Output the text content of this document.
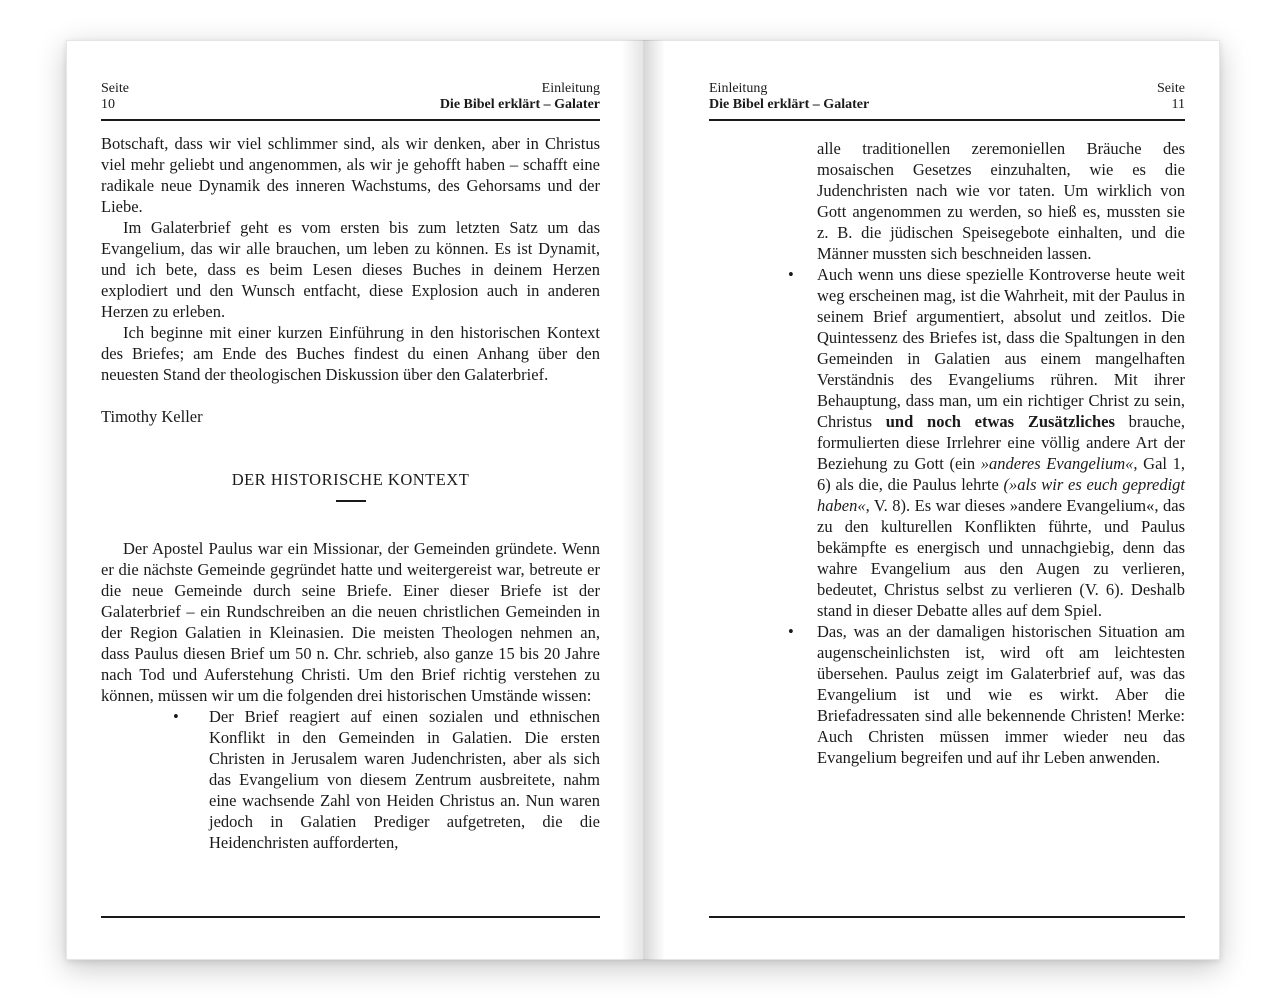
Seite
10
Einleitung
Die Bibel erklärt – Galater

Botschaft, dass wir viel schlimmer sind, als wir denken, aber in Christus viel mehr geliebt und angenommen, als wir je gehofft haben – schafft eine radikale neue Dynamik des inneren Wachstums, des Gehorsams und der Liebe.

Im Galaterbrief geht es vom ersten bis zum letzten Satz um das Evangelium, das wir alle brauchen, um leben zu können. Es ist Dynamit, und ich bete, dass es beim Lesen dieses Buches in deinem Herzen explodiert und den Wunsch entfacht, diese Explosion auch in anderen Herzen zu erleben.

Ich beginne mit einer kurzen Einführung in den historischen Kontext des Briefes; am Ende des Buches findest du einen Anhang über den neuesten Stand der theologischen Diskussion über den Galaterbrief.

Timothy Keller

DER HISTORISCHE KONTEXT

Der Apostel Paulus war ein Missionar, der Gemeinden gründete. Wenn er die nächste Gemeinde gegründet hatte und weitergereist war, betreute er die neue Gemeinde durch seine Briefe. Einer dieser Briefe ist der Galaterbrief – ein Rundschreiben an die neuen christlichen Gemeinden in der Region Galatien in Kleinasien. Die meisten Theologen nehmen an, dass Paulus diesen Brief um 50 n. Chr. schrieb, also ganze 15 bis 20 Jahre nach Tod und Auferstehung Christi. Um den Brief richtig verstehen zu können, müssen wir um die folgenden drei historischen Umstände wissen:

• Der Brief reagiert auf einen sozialen und ethnischen Konflikt in den Gemeinden in Galatien. Die ersten Christen in Jerusalem waren Judenchristen, aber als sich das Evangelium von diesem Zentrum ausbreitete, nahm eine wachsende Zahl von Heiden Christus an. Nun waren jedoch in Galatien Prediger aufgetreten, die die Heidenchristen aufforderten,
Einleitung
Die Bibel erklärt – Galater
Seite
11
alle traditionellen zeremoniellen Bräuche des mosaischen Gesetzes einzuhalten, wie es die Judenchristen nach wie vor taten. Um wirklich von Gott angenommen zu werden, so hieß es, mussten sie z. B. die jüdischen Speisegebote einhalten, und die Männer mussten sich beschneiden lassen.
• Auch wenn uns diese spezielle Kontroverse heute weit weg erscheinen mag, ist die Wahrheit, mit der Paulus in seinem Brief argumentiert, absolut und zeitlos. Die Quintessenz des Briefes ist, dass die Spaltungen in den Gemeinden in Galatien aus einem mangelhaften Verständnis des Evangeliums rühren. Mit ihrer Behauptung, dass man, um ein richtiger Christ zu sein, Christus und noch etwas Zusätzliches brauche, formulierten diese Irrlehrer eine völlig andere Art der Beziehung zu Gott (ein »anderes Evangelium«, Gal 1, 6) als die, die Paulus lehrte (»als wir es euch gepredigt haben«, V. 8). Es war dieses »andere Evangelium«, das zu den kulturellen Konflikten führte, und Paulus bekämpfte es energisch und unnachgiebig, denn das wahre Evangelium aus den Augen zu verlieren, bedeutet, Christus selbst zu verlieren (V. 6). Deshalb stand in dieser Debatte alles auf dem Spiel.
• Das, was an der damaligen historischen Situation am augenscheinlichsten ist, wird oft am leichtesten übersehen. Paulus zeigt im Galaterbrief auf, was das Evangelium ist und wie es wirkt. Aber die Briefadressaten sind alle bekennende Christen! Merke: Auch Christen müssen immer wieder neu das Evangelium begreifen und auf ihr Leben anwenden.
